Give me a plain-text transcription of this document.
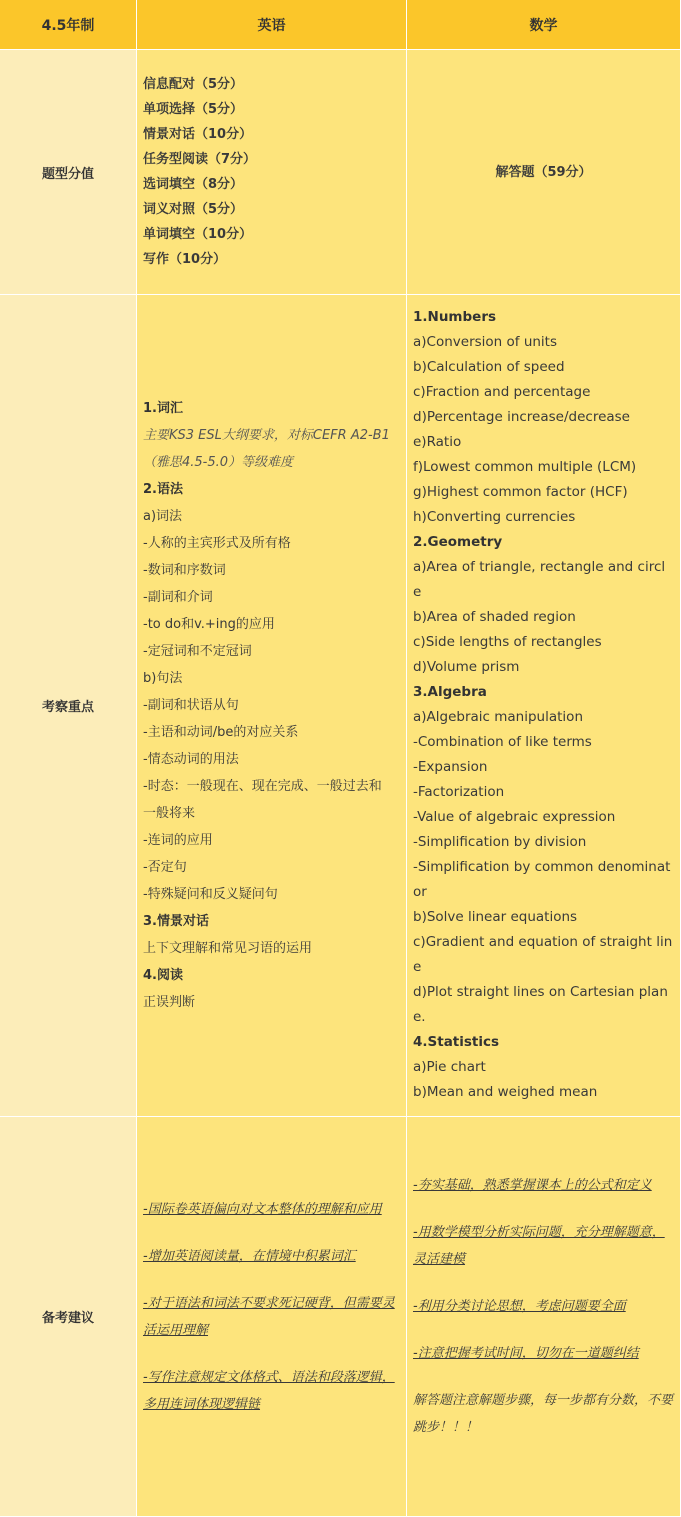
4.5年制	英语	数学
题型分值
信息配对（5分）
单项选择（5分）
情景对话（10分）
任务型阅读（7分）
选词填空（8分）
词义对照（5分）
单词填空（10分）
写作（10分）
解答题（59分）
考察重点
1.词汇
主要KS3 ESL大纲要求，对标CEFR A2-B1
（雅思4.5-5.0）等级难度
2.语法
a)词法
-人称的主宾形式及所有格
-数词和序数词
-副词和介词
-to do和v.+ing的应用
-定冠词和不定冠词
b)句法
-副词和状语从句
-主语和动词/be的对应关系
-情态动词的用法
-时态：一般现在、现在完成、一般过去和
一般将来
-连词的应用
-否定句
-特殊疑问和反义疑问句
3.情景对话
上下文理解和常见习语的运用
4.阅读
正误判断
1.Numbers
a)Conversion of units
b)Calculation of speed
c)Fraction and percentage
d)Percentage increase/decrease
e)Ratio
f)Lowest common multiple (LCM)
g)Highest common factor (HCF)
h)Converting currencies
2.Geometry
a)Area of triangle, rectangle and circl
e
b)Area of shaded region
c)Side lengths of rectangles
d)Volume prism
3.Algebra
a)Algebraic manipulation
-Combination of like terms
-Expansion
-Factorization
-Value of algebraic expression
-Simplification by division
-Simplification by common denominat
or
b)Solve linear equations
c)Gradient and equation of straight lin
e
d)Plot straight lines on Cartesian plan
e.
4.Statistics
a)Pie chart
b)Mean and weighed mean
备考建议
-国际卷英语偏向对文本整体的理解和应用
-增加英语阅读量，在情境中积累词汇
-对于语法和词法不要求死记硬背，但需要灵活运用理解
-写作注意规定文体格式、语法和段落逻辑，多用连词体现逻辑链
-夯实基础，熟悉掌握课本上的公式和定义
-用数学模型分析实际问题，充分理解题意，灵活建模
-利用分类讨论思想，考虑问题要全面
-注意把握考试时间，切勿在一道题纠结
解答题注意解题步骤，每一步都有分数，不要跳步！！！
